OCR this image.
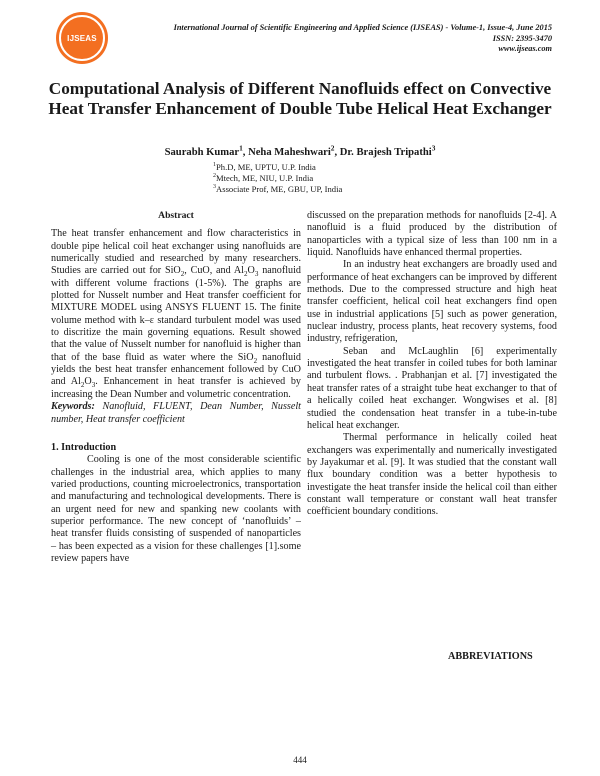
IJSEAS
International Journal of Scientific Engineering and Applied Science (IJSEAS) - Volume-1, Issue-4, June 2015
ISSN: 2395-3470
www.ijseas.com
Computational Analysis of Different Nanofluids effect on Convective Heat Transfer Enhancement of Double Tube Helical Heat Exchanger
Saurabh Kumar$^1$, Neha Maheshwari$^2$, Dr. Brajesh Tripathi$^3$
$^1$Ph.D, ME, UPTU, U.P. India
$^2$Mtech, ME, NIU, U.P. India
$^3$Associate Prof, ME, GBU, UP, India
Abstract

The heat transfer enhancement and flow characteristics in double pipe helical coil heat exchanger using nanofluids are numerically studied and researched by many researchers. Studies are carried out for SiO$_2$, CuO, and $Al_2O_3$ nanofluid with different volume fractions (1-5%). The graphs are plotted for Nusselt number and Heat transfer coefficient for MIXTURE MODEL using ANSYS FLUENT 15. The finite volume method with k–ε standard turbulent model was used to discritize the main governing equations. Result showed that the value of Nusselt number for nanofluid is higher than that of the base fluid as water where the SiO$_2$ nanofluid yields the best heat transfer enhancement followed by CuO and $Al_2O_3$. Enhancement in heat transfer is achieved by increasing the Dean Number and volumetric concentration.

Keywords: Nanofluid, FLUENT, Dean Number, Nusselt number, Heat transfer coefficient

1. Introduction

Cooling is one of the most considerable scientific challenges in the industrial area, which applies to many varied productions, counting microelectronics, transportation and manufacturing and technological developments. There is an urgent need for new and spanking new coolants with superior performance. The new concept of ‘nanofluids’ – heat transfer fluids consisting of suspended of nanoparticles – has been expected as a vision for these challenges [1].some review papers have

discussed on the preparation methods for nanofluids [2-4]. A nanofluid is a fluid produced by the distribution of nanoparticles with a typical size of less than 100 nm in a liquid. Nanofluids have enhanced thermal properties.

In an industry heat exchangers are broadly used and performance of heat exchangers can be improved by different methods. Due to the compressed structure and high heat transfer coefficient, helical coil heat exchangers find open use in industrial applications [5] such as power generation, nuclear industry, process plants, heat recovery systems, food industry, refrigeration,

Seban and McLaughlin [6] experimentally investigated the heat transfer in coiled tubes for both laminar and turbulent flows. . Prabhanjan et al. [7] investigated the heat transfer rates of a straight tube heat exchanger to that of a helically coiled heat exchanger. Wongwises et al. [8] studied the condensation heat transfer in a tube-in-tube helical heat exchanger.

Thermal performance in helically coiled heat exchangers was experimentally and numerically investigated by Jayakumar et al. [9]. It was studied that the constant wall flux boundary condition was a better hypothesis to investigate the heat transfer inside the helical coil than either constant wall temperature or constant wall heat transfer coefficient boundary conditions.

ABBREVIATIONS
444
